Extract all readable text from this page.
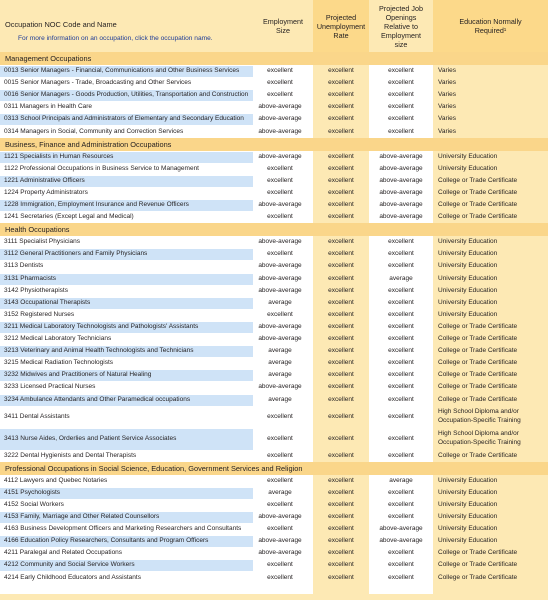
Occupation NOC Code and Name
For more information on an occupation, click the occupation name.
Employment
Size
Projected
Unemployment
Rate
Projected Job
Openings
Relative to
Employment
size
Education Normally
Required¹
Management Occupations
0013 Senior Managers - Financial, Communications and Other Business Services	excellent	excellent	excellent	Varies
0015 Senior Managers - Trade, Broadcasting and Other Services	excellent	excellent	excellent	Varies
0016 Senior Managers - Goods Production, Utilities, Transportation and Construction	excellent	excellent	excellent	Varies
0311 Managers in Health Care	above-average	excellent	excellent	Varies
0313 School Principals and Administrators of Elementary and Secondary Education	above-average	excellent	excellent	Varies
0314 Managers in Social, Community and Correction Services	above-average	excellent	excellent	Varies
Business, Finance and Administration Occupations
1121 Specialists in Human Resources	above-average	excellent	above-average	University Education
1122 Professional Occupations in Business Service to Management	excellent	excellent	above-average	University Education
1221 Administrative Officers	excellent	excellent	above-average	College or Trade Certificate
1224 Property Administrators	excellent	excellent	above-average	College or Trade Certificate
1228 Immigration, Employment Insurance and Revenue Officers	above-average	excellent	above-average	College or Trade Certificate
1241 Secretaries (Except Legal and Medical)	excellent	excellent	above-average	College or Trade Certificate
Health Occupations
3111 Specialist Physicians	above-average	excellent	excellent	University Education
3112 General Practitioners and Family Physicians	excellent	excellent	excellent	University Education
3113 Dentists	above-average	excellent	excellent	University Education
3131 Pharmacists	above-average	excellent	average	University Education
3142 Physiotherapists	above-average	excellent	excellent	University Education
3143 Occupational Therapists	average	excellent	excellent	University Education
3152 Registered Nurses	excellent	excellent	excellent	University Education
3211 Medical Laboratory Technologists and Pathologists' Assistants	above-average	excellent	excellent	College or Trade Certificate
3212 Medical Laboratory Technicians	above-average	excellent	excellent	College or Trade Certificate
3213 Veterinary and Animal Health Technologists and Technicians	average	excellent	excellent	College or Trade Certificate
3215 Medical Radiation Technologists	average	excellent	excellent	College or Trade Certificate
3232 Midwives and Practitioners of Natural Healing	average	excellent	excellent	College or Trade Certificate
3233 Licensed Practical Nurses	above-average	excellent	excellent	College or Trade Certificate
3234 Ambulance Attendants and Other Paramedical occupations	average	excellent	excellent	College or Trade Certificate
3411 Dental Assistants	excellent	excellent	excellent
High School Diploma and/or
Occupation-Specific Training
3413 Nurse Aides, Orderlies and Patient Service Associates	excellent	excellent	excellent
High School Diploma and/or
Occupation-Specific Training
3222 Dental Hygienists and Dental Therapists	excellent	excellent	excellent	College or Trade Certificate
Professional Occupations in Social Science, Education, Government Services and Religion
4112 Lawyers and Quebec Notaries	excellent	excellent	average	University Education
4151 Psychologists	average	excellent	excellent	University Education
4152 Social Workers	excellent	excellent	excellent	University Education
4153 Family, Marriage and Other Related Counsellors	above-average	excellent	excellent	University Education
4163 Business Development Officers and Marketing Researchers and Consultants	excellent	excellent	above-average	University Education
4166 Education Policy Researchers, Consultants and Program Officers	above-average	excellent	above-average	University Education
4211 Paralegal and Related Occupations	above-average	excellent	excellent	College or Trade Certificate
4212 Community and Social Service Workers	excellent	excellent	excellent	College or Trade Certificate
4214 Early Childhood Educators and Assistants	excellent	excellent	excellent	College or Trade Certificate
